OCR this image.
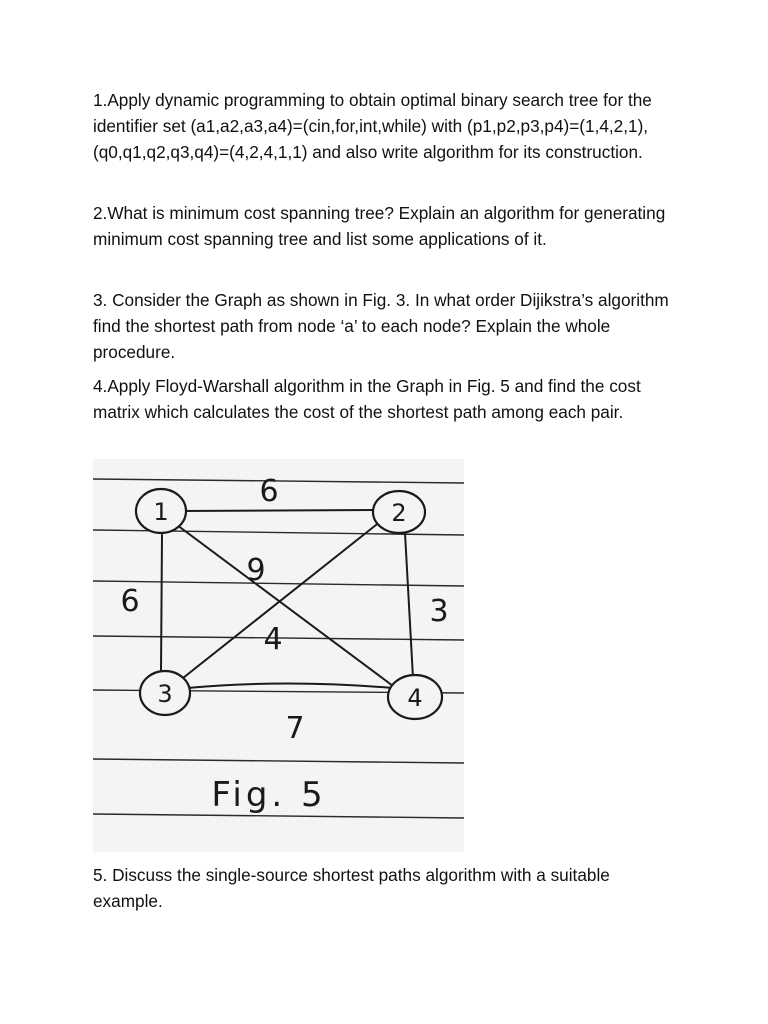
1.Apply dynamic programming to obtain optimal binary search tree for the identifier set (a1,a2,a3,a4)=(cin,for,int,while) with (p1,p2,p3,p4)=(1,4,2,1),(q0,q1,q2,q3,q4)=(4,2,4,1,1) and also write algorithm for its construction.

2.What is minimum cost spanning tree? Explain an algorithm for generating minimum cost spanning tree and list some applications of it.

3. Consider the Graph as shown in Fig. 3. In what order Dijikstra’s algorithm find the shortest path from node ‘a’ to each node? Explain the whole procedure.

4.Apply Floyd-Warshall algorithm in the Graph in Fig. 5 and find the cost matrix which calculates the cost of the shortest path among each pair.

1	2
3	4
6
6	3
7
9
4
Fig. 5

5. Discuss the single-source shortest paths algorithm with a suitable example.
